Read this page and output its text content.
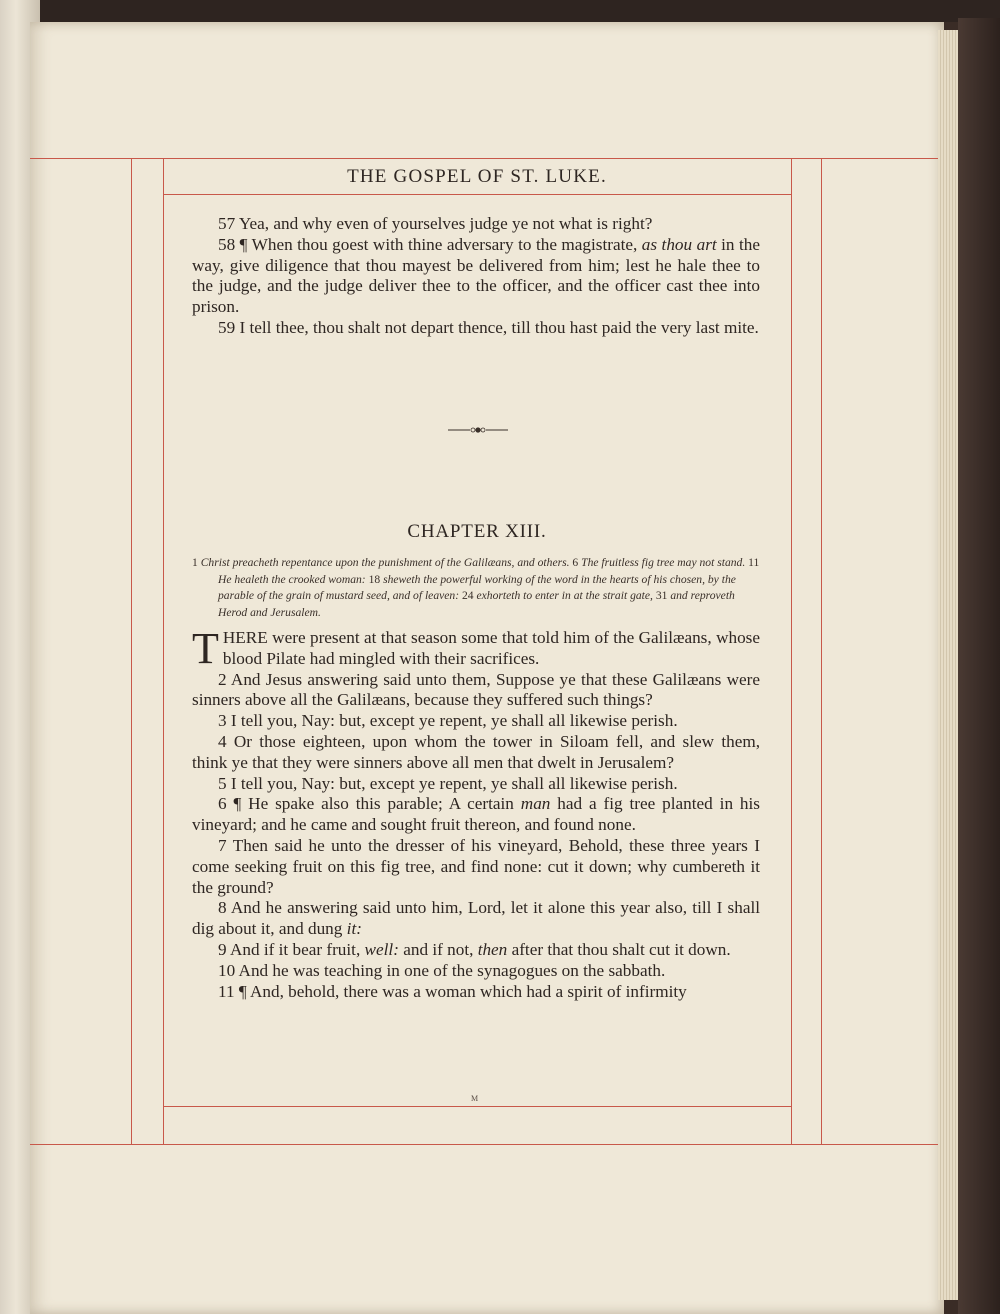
THE GOSPEL OF ST. LUKE.

57 Yea, and why even of yourselves judge ye not what is right?

58 ¶ When thou goest with thine adversary to the magistrate, as thou art in the way, give diligence that thou mayest be delivered from him; lest he hale thee to the judge, and the judge deliver thee to the officer, and the officer cast thee into prison.

59 I tell thee, thou shalt not depart thence, till thou hast paid the very last mite.

CHAPTER XIII.
1 Christ preacheth repentance upon the punishment of the Galilæans, and others. 6 The fruitless fig tree may not stand. 11 He healeth the crooked woman: 18 sheweth the powerful working of the word in the hearts of his chosen, by the parable of the grain of mustard seed, and of leaven: 24 exhorteth to enter in at the strait gate, 31 and reproveth Herod and Jerusalem.

THERE were present at that season some that told him of the Galilæans, whose blood Pilate had mingled with their sacrifices.

2 And Jesus answering said unto them, Suppose ye that these Galilæans were sinners above all the Galilæans, because they suffered such things?

3 I tell you, Nay: but, except ye repent, ye shall all likewise perish.

4 Or those eighteen, upon whom the tower in Siloam fell, and slew them, think ye that they were sinners above all men that dwelt in Jerusalem?

5 I tell you, Nay: but, except ye repent, ye shall all likewise perish.

6 ¶ He spake also this parable; A certain man had a fig tree planted in his vineyard; and he came and sought fruit thereon, and found none.

7 Then said he unto the dresser of his vineyard, Behold, these three years I come seeking fruit on this fig tree, and find none: cut it down; why cumbereth it the ground?

8 And he answering said unto him, Lord, let it alone this year also, till I shall dig about it, and dung it:

9 And if it bear fruit, well: and if not, then after that thou shalt cut it down.

10 And he was teaching in one of the synagogues on the sabbath.

11 ¶ And, behold, there was a woman which had a spirit of infirmity

M
